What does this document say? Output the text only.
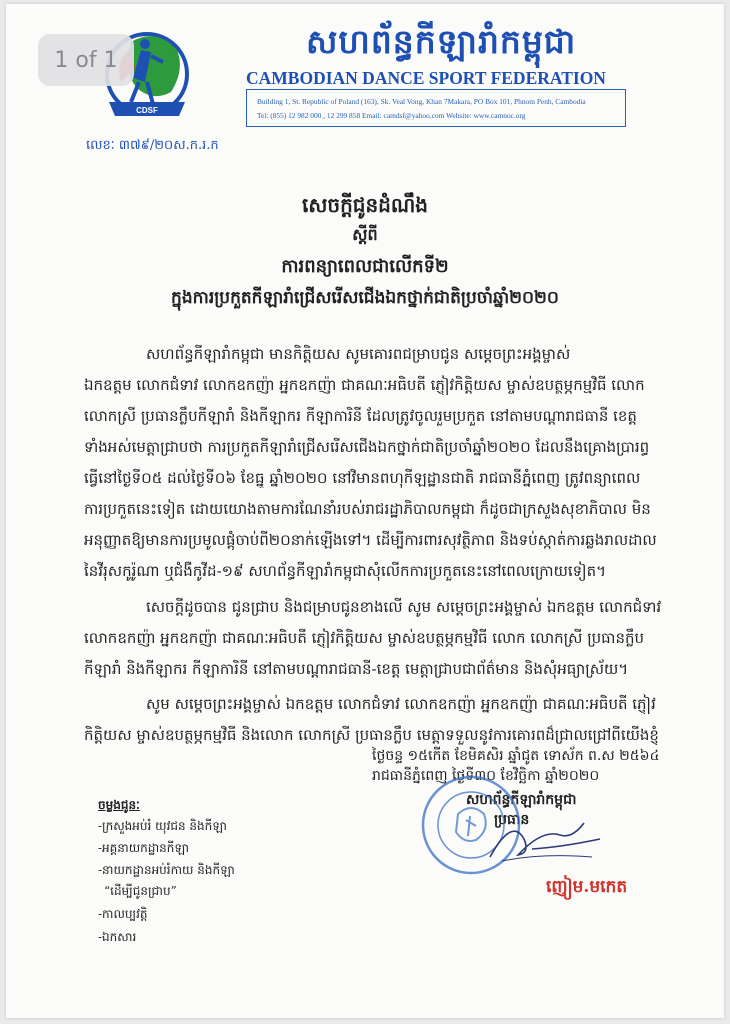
CDSF
សហព័ន្ធកីឡារាំកម្ពុជា
CAMBODIAN DANCE SPORT FEDERATION
Building 1, St. Republic of Poland (163), Sk. Veal Vong, Khan 7Makara, PO Box 101, Phnom Penh, Cambodia
Tel: (855) 12 982 000 , 12 299 858 Email: camdsf@yahoo.com Website: www.camnoc.org
លេខៈ ៣៧៩/២០ស.ក.រ.ក
សេចក្តីជូនដំណឹង
ស្តីពី
ការពន្យាពេលជាលើកទី២
ក្នុងការប្រកួតកីឡារាំជ្រើសរើសជើងឯកថ្នាក់ជាតិប្រចាំឆ្នាំ២០២០
សហព័ន្ធកីឡារាំកម្ពុជា មានកិត្តិយស សូមគោរពជម្រាបជូន សម្តេចព្រះអង្គម្ចាស់
ឯកឧត្តម លោកជំទាវ លោកឧកញ៉ា អ្នកឧកញ៉ា ជាគណៈអធិបតី ភ្ញៀវកិត្តិយស ម្ចាស់ឧបត្ថម្ភកម្មវិធី លោក
លោកស្រី ប្រធានក្លឹបកីឡារាំ និងកីឡាករ កីឡាការិនី ដែលត្រូវចូលរួមប្រកួត នៅតាមបណ្តារាជធានី ខេត្ត
ទាំងអស់មេត្តាជ្រាបថា ការប្រកួតកីឡារាំជ្រើសរើសជើងឯកថ្នាក់ជាតិប្រចាំឆ្នាំ២០២០ ដែលនឹងគ្រោងប្រារព្ធ
ធ្វើនៅថ្ងៃទី០៥ ដល់ថ្ងៃទី០៦ ខែធ្នូ ឆ្នាំ២០២០ នៅវិមានពហុកីឡដ្ឋានជាតិ រាជធានីភ្នំពេញ ត្រូវពន្យាពេល
ការប្រកួតនេះទៀត ដោយយោងតាមការណែនាំរបស់រាជរដ្ឋាភិបាលកម្ពុជា ក៏ដូចជាក្រសួងសុខាភិបាល មិន
អនុញ្ញាតឱ្យមានការប្រមូលផ្តុំចាប់ពី២០នាក់ឡើងទៅ។ ដើម្បីការពារសុវត្ថិភាព និងទប់ស្កាត់ការឆ្លងរាលដាល
នៃវីរុសកូរ៉ូណា ឬជំងឺកូវីដ-១៩ សហព័ន្ធកីឡារាំកម្ពុជាសុំលើកការប្រកួតនេះនៅពេលក្រោយទៀត។
សេចក្តីដូចបាន ជូនជ្រាប និងជម្រាបជូនខាងលើ សូម សម្តេចព្រះអង្គម្ចាស់ ឯកឧត្តម លោកជំទាវ
លោកឧកញ៉ា អ្នកឧកញ៉ា ជាគណៈអធិបតី ភ្ញៀវកិត្តិយស ម្ចាស់ឧបត្ថម្ភកម្មវិធី លោក លោកស្រី ប្រធានក្លឹប
កីឡារាំ និងកីឡាករ កីឡាការិនី នៅតាមបណ្តារាជធានី-ខេត្ត មេត្តាជ្រាបជាព័ត៌មាន និងសុំអធ្យាស្រ័យ។
សូម សម្តេចព្រះអង្គម្ចាស់ ឯកឧត្តម លោកជំទាវ លោកឧកញ៉ា អ្នកឧកញ៉ា ជាគណៈអធិបតី ភ្ញៀវ
កិត្តិយស ម្ចាស់ឧបត្ថម្ភកម្មវិធី និងលោក លោកស្រី ប្រធានក្លឹប មេត្តាទទួលនូវការគោរពដ៏ជ្រាលជ្រៅពីយើងខ្ញុំ
ថ្ងៃចន្ទ ១៥កើត ខែមិគសិរ ឆ្នាំជូត ទោស័ក ព.ស ២៥៦៤
រាជធានីភ្នំពេញ ថ្ងៃទី៣០ ខែវិច្ឆិកា ឆ្នាំ២០២០
សហព័ន្ធកីឡារាំកម្ពុជា
ប្រធាន
ញៀម.មកេត
ចម្លងជូនៈ
-ក្រសួងអប់រំ យុវជន និងកីឡា
-អគ្គនាយកដ្ឋានកីឡា
-នាយកដ្ឋានអប់រំកាយ និងកីឡា
“ដើម្បីជូនជ្រាប”
-កាលប្បវត្តិ
-ឯកសារ
1 of 1
